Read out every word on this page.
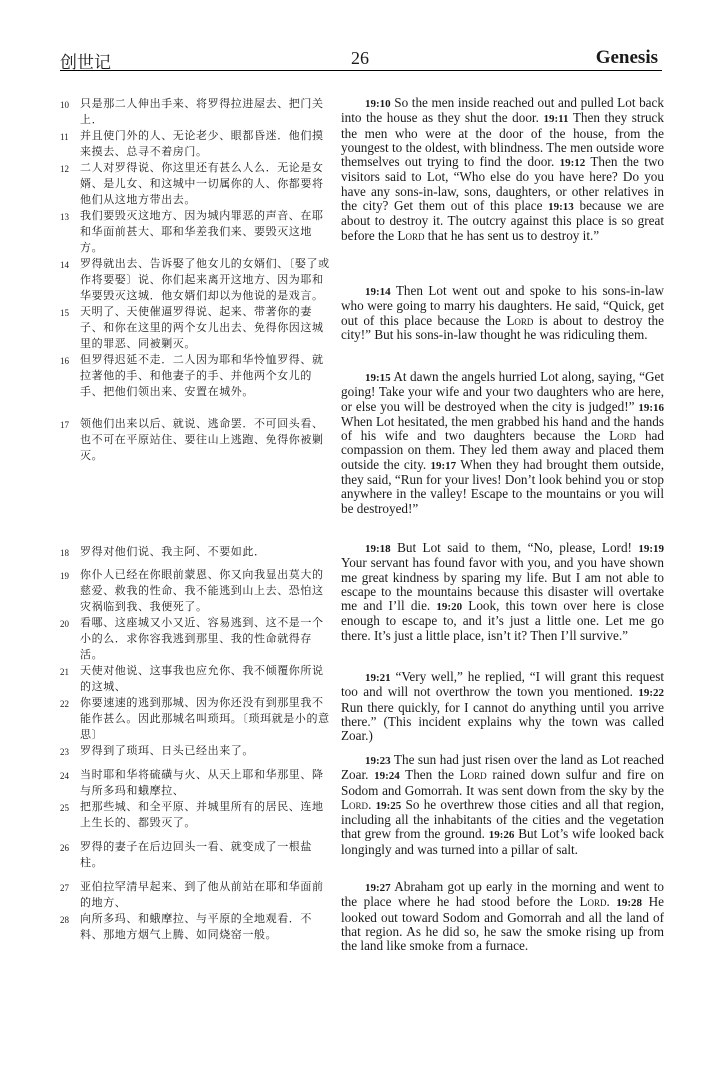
创世记	26	Genesis
10 只是那二人伸出手来、将罗得拉进屋去、把门关上．
11 并且使门外的人、无论老少、眼都昏迷．他们摸来摸去、总寻不着房门。
12 二人对罗得说、你这里还有甚么人么．无论是女婿、是儿女、和这城中一切属你的人、你都要将他们从这地方带出去。
13 我们要毁灭这地方、因为城内罪恶的声音、在耶和华面前甚大、耶和华差我们来、要毁灭这地方。
14 罗得就出去、告诉娶了他女儿的女婿们、〔娶了或作将要娶〕说、你们起来离开这地方、因为耶和华要毁灭这城．他女婿们却以为他说的是戏言。
15 天明了、天使催逼罗得说、起来、带著你的妻子、和你在这里的两个女儿出去、免得你因这城里的罪恶、同被剿灭。
16 但罗得迟延不走．二人因为耶和华怜恤罗得、就拉著他的手、和他妻子的手、并他两个女儿的手、把他们领出来、安置在城外。
17 领他们出来以后、就说、逃命罢．不可回头看、也不可在平原站住、要往山上逃跑、免得你被剿灭。
18 罗得对他们说、我主阿、不要如此．
19 你仆人已经在你眼前蒙恩、你又向我显出莫大的慈爱、救我的性命、我不能逃到山上去、恐怕这灾祸临到我、我便死了。
20 看哪、这座城又小又近、容易逃到、这不是一个小的么．求你容我逃到那里、我的性命就得存活。
21 天使对他说、这事我也应允你、我不倾覆你所说的这城、
22 你要速速的逃到那城、因为你还没有到那里我不能作甚么。因此那城名叫琐珥。〔琐珥就是小的意思〕
23 罗得到了琐珥、日头已经出来了。
24 当时耶和华将硫磺与火、从天上耶和华那里、降与所多玛和蛾摩拉、
25 把那些城、和全平原、并城里所有的居民、连地上生长的、都毁灭了。
26 罗得的妻子在后边回头一看、就变成了一根盐柱。
27 亚伯拉罕清早起来、到了他从前站在耶和华面前的地方、
28 向所多玛、和蛾摩拉、与平原的全地观看．不料、那地方烟气上腾、如同烧窑一般。

19:10 So the men inside reached out and pulled Lot back into the house as they shut the door. 19:11 Then they struck the men who were at the door of the house, from the youngest to the oldest, with blindness. The men outside wore themselves out trying to find the door. 19:12 Then the two visitors said to Lot, “Who else do you have here? Do you have any sons-in-law, sons, daughters, or other relatives in the city? Get them out of this place 19:13 because we are about to destroy it. The outcry against this place is so great before the Lord that he has sent us to destroy it.”

19:14 Then Lot went out and spoke to his sons-in-law who were going to marry his daughters. He said, “Quick, get out of this place because the Lord is about to destroy the city!” But his sons-in-law thought he was ridiculing them.

19:15 At dawn the angels hurried Lot along, saying, “Get going! Take your wife and your two daughters who are here, or else you will be destroyed when the city is judged!” 19:16 When Lot hesitated, the men grabbed his hand and the hands of his wife and two daughters because the Lord had compassion on them. They led them away and placed them outside the city. 19:17 When they had brought them outside, they said, “Run for your lives! Don’t look behind you or stop anywhere in the valley! Escape to the mountains or you will be destroyed!”

19:18 But Lot said to them, “No, please, Lord! 19:19 Your servant has found favor with you, and you have shown me great kindness by sparing my life. But I am not able to escape to the mountains because this disaster will overtake me and I’ll die. 19:20 Look, this town over here is close enough to escape to, and it’s just a little one. Let me go there. It’s just a little place, isn’t it? Then I’ll survive.”

19:21 “Very well,” he replied, “I will grant this request too and will not overthrow the town you mentioned. 19:22 Run there quickly, for I cannot do anything until you arrive there.” (This incident explains why the town was called Zoar.)

19:23 The sun had just risen over the land as Lot reached Zoar. 19:24 Then the Lord rained down sulfur and fire on Sodom and Gomorrah. It was sent down from the sky by the Lord. 19:25 So he overthrew those cities and all that region, including all the inhabitants of the cities and the vegetation that grew from the ground. 19:26 But Lot’s wife looked back longingly and was turned into a pillar of salt.

19:27 Abraham got up early in the morning and went to the place where he had stood before the Lord. 19:28 He looked out toward Sodom and Gomorrah and all the land of that region. As he did so, he saw the smoke rising up from the land like smoke from a furnace.
